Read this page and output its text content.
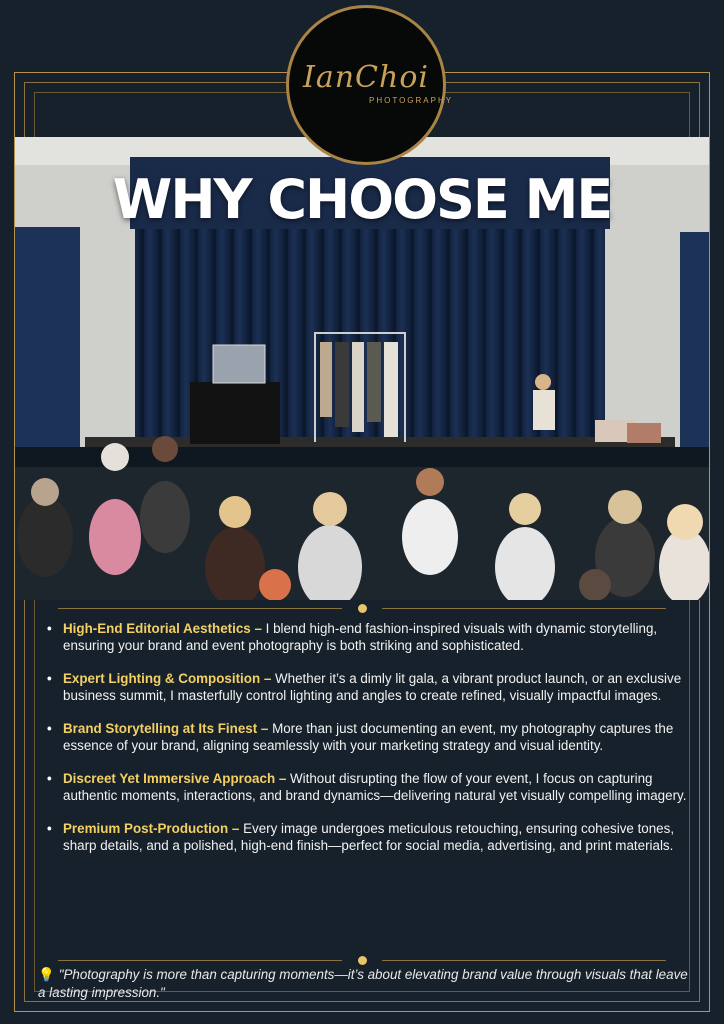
WHY CHOOSE ME
IanChoi
PHOTOGRAPHY
• High-End Editorial Aesthetics – I blend high-end fashion-inspired visuals with dynamic storytelling, ensuring your brand and event photography is both striking and sophisticated.
• Expert Lighting & Composition – Whether it’s a dimly lit gala, a vibrant product launch, or an exclusive business summit, I masterfully control lighting and angles to create refined, visually impactful images.
• Brand Storytelling at Its Finest – More than just documenting an event, my photography captures the essence of your brand, aligning seamlessly with your marketing strategy and visual identity.
• Discreet Yet Immersive Approach – Without disrupting the flow of your event, I focus on capturing authentic moments, interactions, and brand dynamics—delivering natural yet visually compelling imagery.
• Premium Post-Production – Every image undergoes meticulous retouching, ensuring cohesive tones, sharp details, and a polished, high-end finish—perfect for social media, advertising, and print materials.

💡 "Photography is more than capturing moments—it’s about elevating brand value through visuals that leave a lasting impression."
